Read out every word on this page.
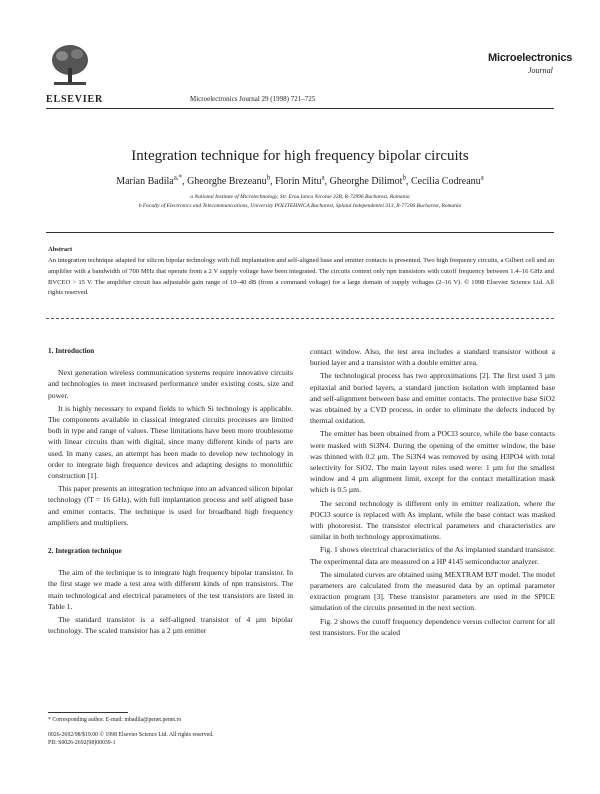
ELSEVIER	Microelectronics Journal 29 (1998) 721–725
Microelectronics
Journal
Integration technique for high frequency bipolar circuits
Marian Badila$^{a,*}$, Gheorghe Brezeanu$^b$, Florin Mitu$^a$, Gheorghe Dilimot$^b$, Cecilia Codreanu$^a$
a National Institute of Microtechnology, Str. Erou Iancu Nicolae 32B, R-72996 Bucharest, Romania
b Faculty of Electronics and Telecommunications, University POLITEHNICA Bucharest, Splaiul Independentei 313, R-77206 Bucharest, Romania
Abstract
An integration technique adapted for silicon bipolar technology with full implantation and self-aligned base and emitter contacts is presented. Two high frequency circuits, a Gilbert cell and an amplifier with a bandwidth of 700 MHz that operate from a 2 V supply voltage have been integrated. The circuits content only npn transistors with cutoff frequency between 1.4–16 GHz and BVCEO > 15 V. The amplifier circuit has adjustable gain range of 10–40 dB (from a command voltage) for a large domain of supply voltages (2–16 V). © 1998 Elsevier Science Ltd. All rights reserved.
1. Introduction

Next generation wireless communication systems require innovative circuits and technologies to meet increased performance under existing costs, size and power.

It is highly necessary to expand fields to which Si technology is applicable. The components available in classical integrated circuits processes are limited both in type and range of values. These limitations have been more troublesome with linear circuits than with digital, since many different kinds of parts are used. In many cases, an attempt has been made to develop new technology in order to integrate high frequence devices and adapting designs to monolithic construction [1].

This paper presents an integration technique into an advanced silicon bipolar technology (fT = 16 GHz), with full implantation process and self aligned base and emitter contacts. The technique is used for broadband high frequency amplifiers and multipliers.

2. Integration technique

The aim of the technique is to integrate high frequency bipolar transistor. In the first stage we made a test area with different kinds of npn transistors. The main technological and electrical parameters of the test transistors are listed in Table 1.

The standard transistor is a self-aligned transistor of 4 µm bipolar technology. The scaled transistor has a 2 µm emitter

* Corresponding author. E-mail: mbadila@penet.penet.ro
0026-2692/98/$19.00 © 1998 Elsevier Science Ltd. All rights reserved.
PII: S0026-2692(98)00039-1

contact window. Also, the test area includes a standard transistor without a buried layer and a transistor with a double emitter area.

The technological process has two approximations [2]. The first used 3 µm epitaxial and buried layers, a standard junction isolation with implanted base and self-alignment between base and emitter contacts. The protective base SiO2 was obtained by a CVD process, in order to eliminate the defects induced by thermal oxidation.

The emitter has been obtained from a POCl3 source, while the base contacts were masked with Si3N4. During the opening of the emitter window, the base was thinned with 0.2 µm. The Si3N4 was removed by using H3PO4 with total selectivity for SiO2. The main layout rules used were: 1 µm for the smallest window and 4 µm alignment limit, except for the contact metallization mask which is 0.5 µm.

The second technology is different only in emitter realization, where the POCl3 source is replaced with As implant, while the base contact was masked with photoresist. The transistor electrical parameters and characteristics are similar in both technology approximations.

Fig. 1 shows electrical characteristics of the As implanted standard transistor. The experimental data are measured on a HP 4145 semiconductor analyzer.

The simulated curves are obtained using MEXTRAM BJT model. The model parameters are calculated from the measured data by an optimal parameter extraction program [3]. These transistor parameters are used in the SPICE simulation of the circuits presented in the next section.

Fig. 2 shows the cutoff frequency dependence versus collector current for all test transistors. For the scaled
